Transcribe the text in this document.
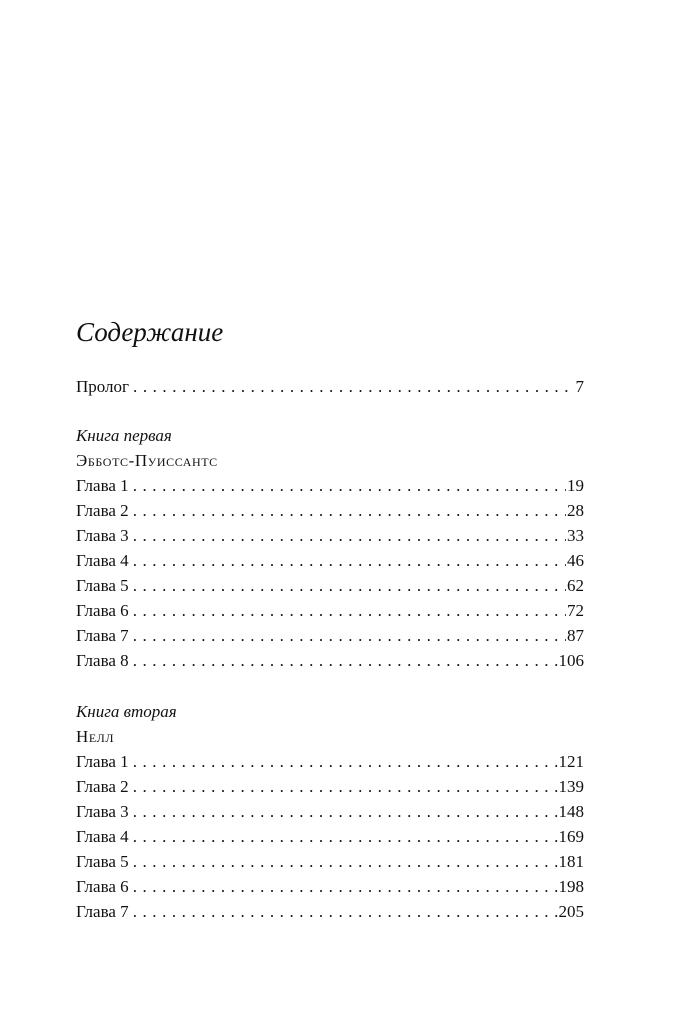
Содержание
Пролог . . .	7
Книга первая
Эббoтс-Пуиссантс
Глава 1 . . .	19
Глава 2 . . .	28
Глава 3 . . .	33
Глава 4 . . .	46
Глава 5 . . .	62
Глава 6 . . .	72
Глава 7 . . .	87
Глава 8 . . .	106
Книга вторая
Нелл
Глава 1 . . .	121
Глава 2 . . .	139
Глава 3 . . .	148
Глава 4 . . .	169
Глава 5 . . .	181
Глава 6 . . .	198
Глава 7 . . .	205
